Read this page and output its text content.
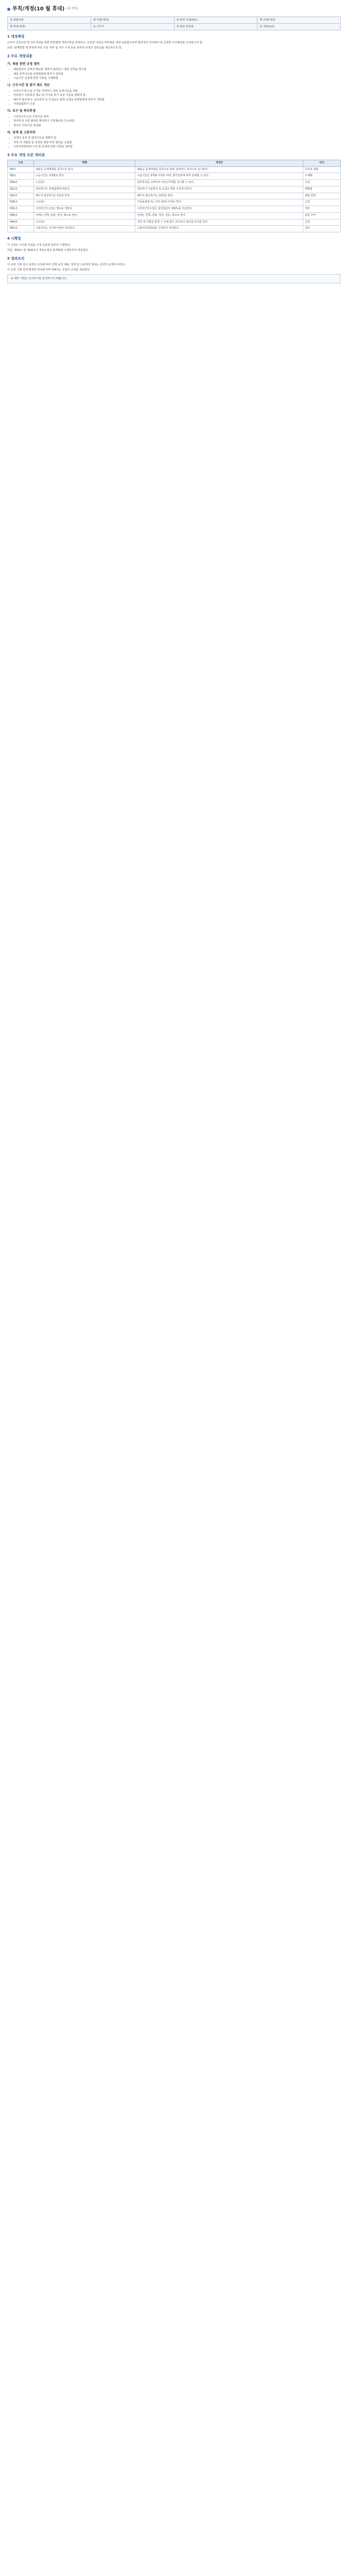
부칙/개정(10 월 휴대) (실 개정)
과 관련조항	제 조항(개정)	과 관련 조항(4초)	제 조항(개정)
제 개정(개정)	실 근무지	과 관련 위원회	과 개정(4초)
1 개정배경

근로자 신분보장 및 처우개선을 위한 관련법령 개정사항을 반영하고, 운영상 나타난 미비점을 개선·보완함으로써 합리적인 인사관리 및 공정한 근무환경을 조성하고자 함.

또한, 관계법령 제·개정에 따른 조문 정비 및 자구 수정 등을 통하여 규정의 실효성을 제고하고자 함.

2 주요 개정내용
가. 채용 관련 규정 정비
• 채용절차의 공정성 확보를 위하여 블라인드 채용 원칙을 명시함
• 채용 결격사유를 관계법령에 맞추어 정비함
• 수습기간 운영에 관한 사항을 구체화함
나. 근무시간 및 휴가 제도 개선
• 유연근무제 도입 근거를 마련하고 세부 운영기준을 정함
• 연차휴가 사용촉진 제도 및 미사용 휴가 보상 기준을 명확히 함
• 배우자 출산휴가, 육아휴직 등 모성보호 관련 규정을 관계법령에 맞추어 개정함
• 가족돌봄휴가 신설
다. 보수 및 복리후생
• 시간외근무수당 산정기준 정비
• 복리후생 지원 범위를 확대하고 지원절차를 간소화함
• 경조사 지원기준 현실화
라. 징계 및 고충처리
• 징계의 종류 및 양정기준을 명확히 함
• 직장 내 괴롭힘 및 성희롱 예방·처리 절차를 신설함
• 고충처리위원회 구성 및 운영에 관한 사항을 정비함
3 주요 개정 조문 대비표
구분	현행	개정안	비고
제5조	채용은 공개경쟁을 원칙으로 한다.	채용은 공개경쟁을 원칙으로 하며, 블라인드 방식으로 실시한다.	공정성 강화
제9조	수습기간은 3개월로 한다.	수습기간은 3개월 이내로 하며, 평가결과에 따라 단축할 수 있다.	구체화
제18조	<신설>	업무특성을 고려하여 유연근무제를 실시할 수 있다.	신설
제22조	연차휴가는 관계법령에 따른다.	연차휴가 사용촉진 및 보상은 별표 기준에 따른다.	명확화
제25조	배우자 출산휴가는 5일로 한다.	배우자 출산휴가는 10일로 한다.	법령 반영
제26조	<신설>	가족돌봄휴가는 연간 10일 이내로 한다.	신설
제31조	시간외근무수당은 별도로 정한다.	시간외근무수당은 통상임금의 150%를 지급한다.	정비
제40조	징계는 견책, 감봉, 정직, 해고로 한다.	징계는 견책, 감봉, 정직, 강등, 해고로 한다.	종류 추가
제44조	<신설>	직장 내 괴롭힘 발생 시 지체 없이 조사하고 필요한 조치를 한다.	신설
제47조	고충처리는 인사부서에서 처리한다.	고충처리위원회를 구성하여 처리한다.	정비
4 시행일

이 규정은 이사회 의결을 거쳐 공포한 날부터 시행한다.

다만, 제25조 및 제26조의 개정규정은 관계법령 시행일부터 적용한다.

5 경과조치

이 규정 시행 당시 종전의 규정에 따라 진행 중인 채용, 징계 및 고충처리 절차는 종전의 규정에 따른다.

이 규정 시행 전에 발생한 연차휴가에 대해서는 종전의 규정을 적용한다.

※ 세부 사항은 인사부서로 문의하시기 바랍니다.
